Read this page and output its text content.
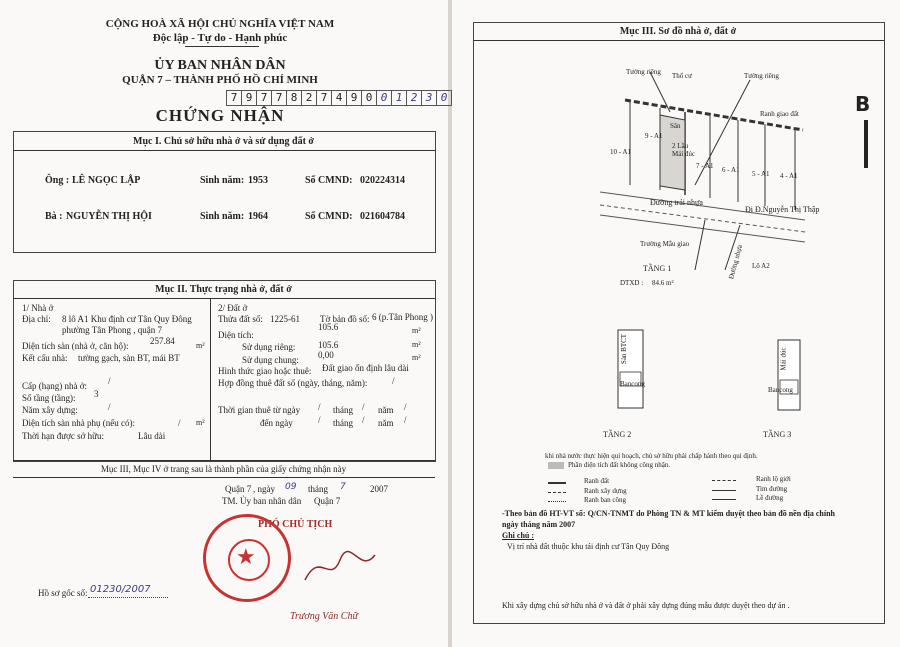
CỘNG HOÀ XÃ HỘI CHỦ NGHĨA VIỆT NAM
Độc lập - Tự do - Hạnh phúc
ỦY BAN NHÂN DÂN
QUẬN 7 – THÀNH PHỐ HỒ CHÍ MINH
7 9 7 7 8 2 7 4 9 0 0 1 2 3 0
CHỨNG NHẬN
Mục I. Chủ sở hữu nhà ở và sử dụng đất ở
Ông : LÊ NGỌC LẬP	Sinh năm: 1953	Số CMND: 020224314
Bà : NGUYỄN THỊ HỘI	Sinh năm: 1964	Số CMND: 021604784
Mục II. Thực trạng nhà ở, đất ở
1/ Nhà ở
Địa chỉ: 8 lô A1 Khu định cư Tân Quy Đông
phường Tân Phong , quận 7
Diện tích sàn (nhà ở, căn hộ): 257.84	m²
Kết cấu nhà: tường gạch, sàn BT, mái BT
Cấp (hạng) nhà ở: /
Số tầng (tầng): 3
Năm xây dựng:	/
Diện tích sàn nhà phụ (nếu có):	/ m²
Thời hạn được sở hữu:	Lâu dài
2/ Đất ở
Thửa đất số: 1225-61 Tờ bản đồ số: 6 (p.Tân Phong )
Diện tích:
105.6	m²
Sử dụng riêng:	105.6	m²
Sử dụng chung: 0,00	m²
Hình thức giao hoặc thuê: Đất giao ổn định lâu dài
Hợp đồng thuê đất số (ngày, tháng, năm):	/
Thời gian thuê từ ngày / tháng / năm /
đến ngày	/ tháng / năm /
Mục III, Mục IV ở trang sau là thành phần của giấy chứng nhận này
Quận 7 , ngày 09 tháng 7	2007
TM. Ủy ban nhân dân Quận 7
PHÓ CHỦ TỊCH
★
Trương Văn Chữ
Hồ sơ gốc số: 01230/2007
Mục III. Sơ đồ nhà ở, đất ở
B
Tường riêng Thổ cư	Tường riêng
Ranh giao đất
Sân
9 - A1
10 - A1
2 Lầu
Mái đúc
7 - A1 6 - A1 5 - A1 4 - A1
Đường trải nhựa
Đi Đ.Nguyễn Thị Thập
Trường Mẫu giao	Đường nhựa Lô A2
TẦNG 1
DTXD : 84.6 m²
Sàn BTCT
Bancong
Mái đúc
Bancong
TẦNG 2	TẦNG 3
khi nhà nước thực hiện qui hoạch, chủ sở hữu phải chấp hành theo qui định.
Phần diện tích đất không công nhận.
Ranh đất	Ranh lộ giới
Ranh xây dựng	Tim đường
Ranh ban công	Lề đường
-Theo bản đồ HT-VT số: Q/CN-TNMT do Phòng TN & MT kiểm duyệt theo bản đồ nền địa chính
ngày tháng năm 2007
Ghi chú :
Vị trí nhà đất thuộc khu tái định cư Tân Quy Đông
Khi xây dựng chủ sở hữu nhà ở và đất ở phải xây dựng đúng mẫu được duyệt theo dự án .
